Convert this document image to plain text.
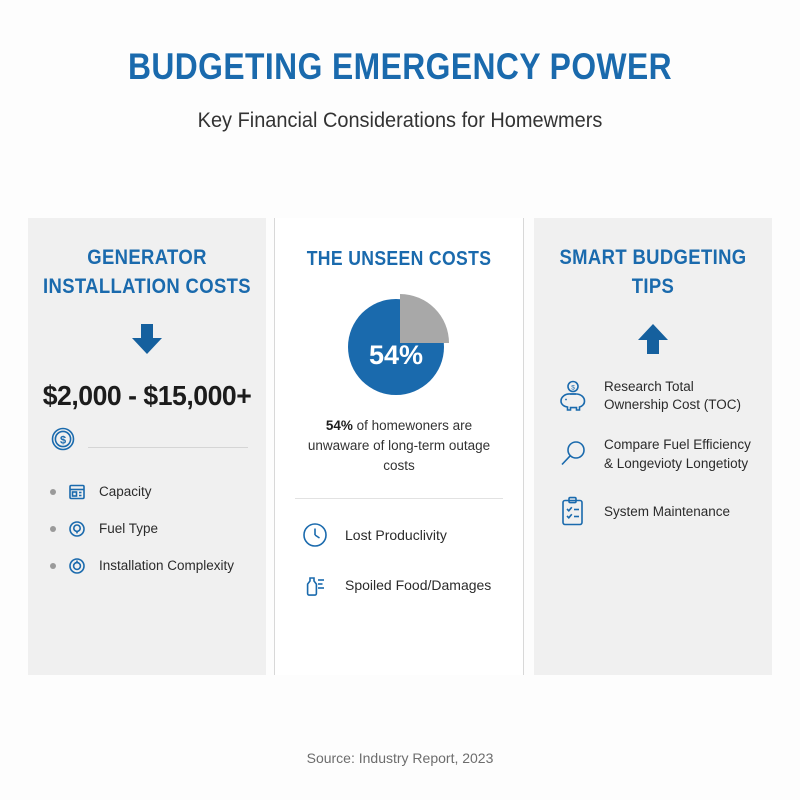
BUDGETING EMERGENCY POWER
Key Financial Considerations for Homewmers
GENERATOR INSTALLATION COSTS
$2,000 - $15,000+
$
Capacity
Fuel Type
Installation Complexity
THE UNSEEN COSTS
54%
54% of homewoners are unwaware of long-term outage costs
Lost Produclivity
Spoiled Food/Damages
SMART BUDGETING TIPS
$ Research Total Ownership Cost (TOC)
Compare Fuel Efficiency & Longevioty Longetioty
System Maintenance
Source: Industry Report, 2023
